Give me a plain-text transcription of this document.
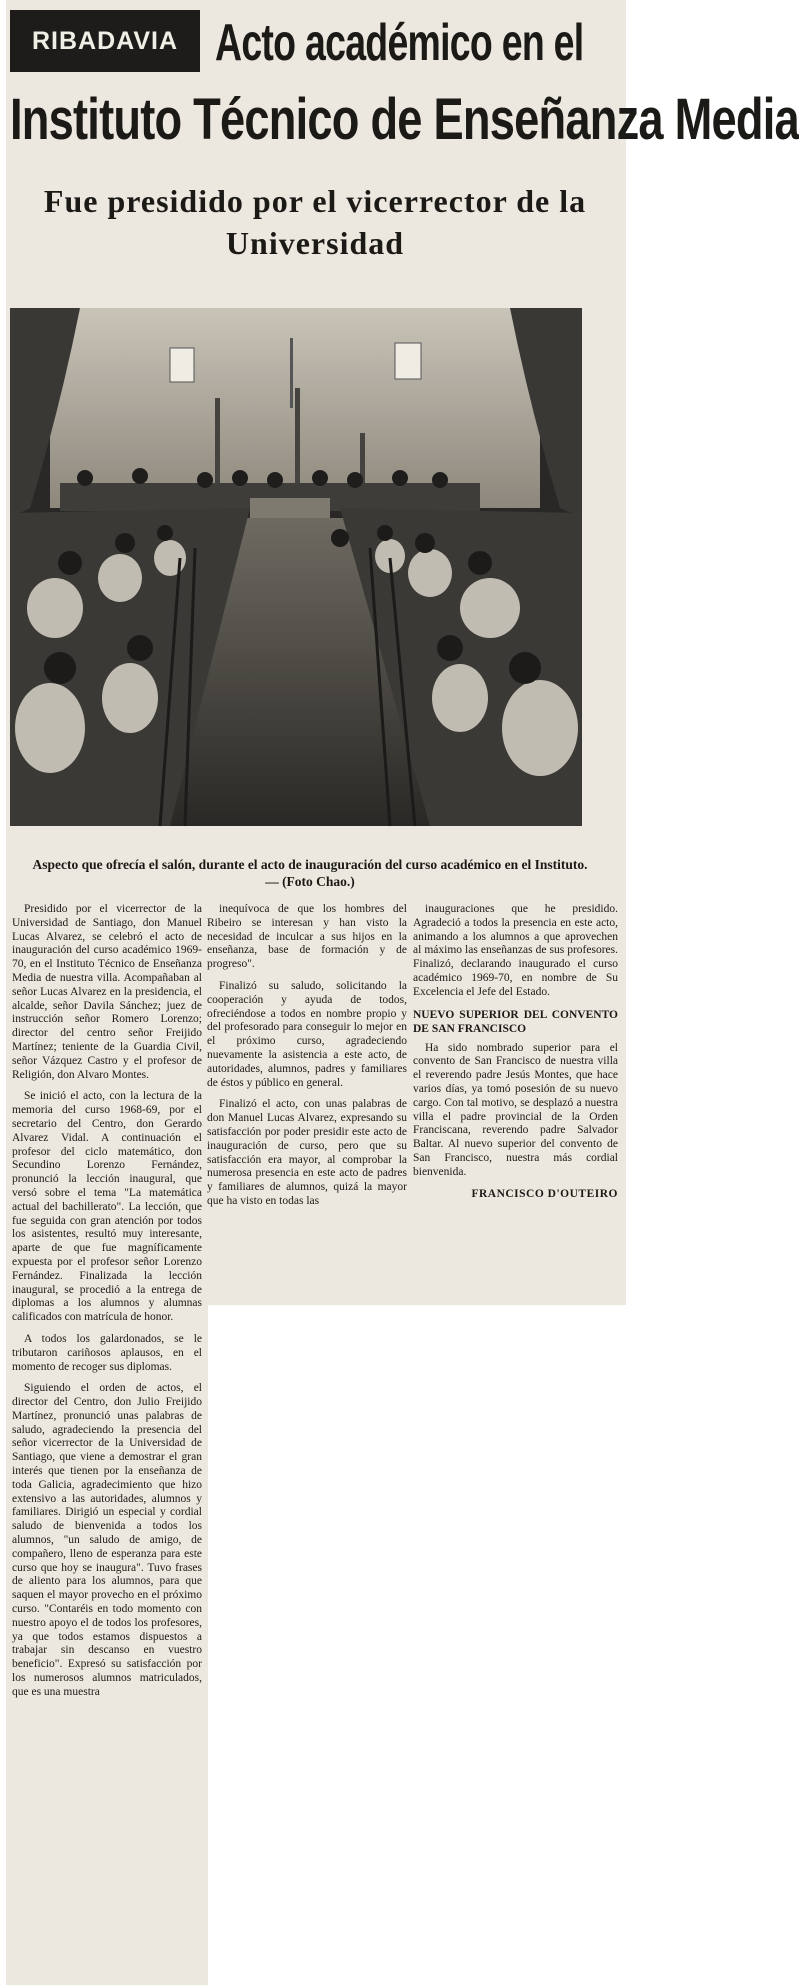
RIBADAVIA Acto académico en el
Instituto Técnico de Enseñanza Media
Fue presidido por el vicerrector de la Universidad
Aspecto que ofrecía el salón, durante el acto de inauguración del curso académico en el Instituto. — (Foto Chao.)

Presidido por el vicerrector de la Universidad de Santiago, don Manuel Lucas Alvarez, se celebró el acto de inauguración del curso académico 1969-70, en el Instituto Técnico de Enseñanza Media de nuestra villa. Acompañaban al señor Lucas Alvarez en la presidencia, el alcalde, señor Davila Sánchez; juez de instrucción señor Romero Lorenzo; director del centro señor Freijido Martínez; teniente de la Guardia Civil, señor Vázquez Castro y el profesor de Religión, don Alvaro Montes.

Se inició el acto, con la lectura de la memoria del curso 1968-69, por el secretario del Centro, don Gerardo Alvarez Vidal. A continuación el profesor del ciclo matemático, don Secundino Lorenzo Fernández, pronunció la lección inaugural, que versó sobre el tema "La matemática actual del bachillerato". La lección, que fue seguida con gran atención por todos los asistentes, resultó muy interesante, aparte de que fue magníficamente expuesta por el profesor señor Lorenzo Fernández. Finalizada la lección inaugural, se procedió a la entrega de diplomas a los alumnos y alumnas calificados con matrícula de honor.

A todos los galardonados, se le tributaron cariñosos aplausos, en el momento de recoger sus diplomas.

Siguiendo el orden de actos, el director del Centro, don Julio Freijido Martínez, pronunció unas palabras de saludo, agradeciendo la presencia del señor vicerrector de la Universidad de Santiago, que viene a demostrar el gran interés que tienen por la enseñanza de toda Galicia, agradecimiento que hizo extensivo a las autoridades, alumnos y familiares. Dirigió un especial y cordial saludo de bienvenida a todos los alumnos, "un saludo de amigo, de compañero, lleno de esperanza para este curso que hoy se inaugura". Tuvo frases de aliento para los alumnos, para que saquen el mayor provecho en el próximo curso. "Contaréis en todo momento con nuestro apoyo el de todos los profesores, ya que todos estamos dispuestos a trabajar sin descanso en vuestro beneficio". Expresó su satisfacción por los numerosos alumnos matriculados, que es una muestra

inequívoca de que los hombres del Ribeiro se interesan y han visto la necesidad de inculcar a sus hijos en la enseñanza, base de formación y de progreso".

Finalizó su saludo, solicitando la cooperación y ayuda de todos, ofreciéndose a todos en nombre propio y del profesorado para conseguir lo mejor en el próximo curso, agradeciendo nuevamente la asistencia a este acto, de autoridades, alumnos, padres y familiares de éstos y público en general.

Finalizó el acto, con unas palabras de don Manuel Lucas Alvarez, expresando su satisfacción por poder presidir este acto de inauguración de curso, pero que su satisfacción era mayor, al comprobar la numerosa presencia en este acto de padres y familiares de alumnos, quizá la mayor que ha visto en todas las

inauguraciones que he presidido. Agradeció a todos la presencia en este acto, animando a los alumnos a que aprovechen al máximo las enseñanzas de sus profesores. Finalizó, declarando inaugurado el curso académico 1969-70, en nombre de Su Excelencia el Jefe del Estado.

NUEVO SUPERIOR DEL CONVENTO DE SAN FRANCISCO

Ha sido nombrado superior para el convento de San Francisco de nuestra villa el reverendo padre Jesús Montes, que hace varios días, ya tomó posesión de su nuevo cargo. Con tal motivo, se desplazó a nuestra villa el padre provincial de la Orden Franciscana, reverendo padre Salvador Baltar. Al nuevo superior del convento de San Francisco, nuestra más cordial bienvenida.

FRANCISCO D'OUTEIRO
